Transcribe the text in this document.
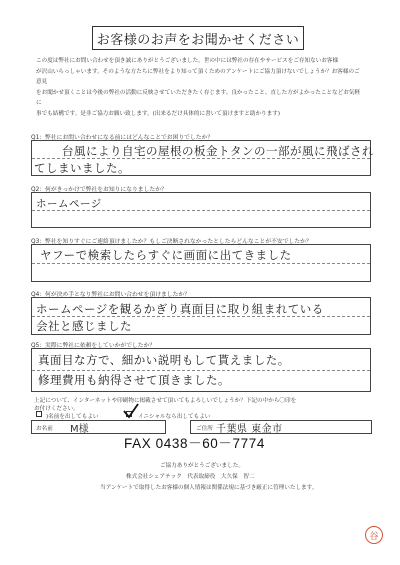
お客様のお声をお聞かせください
この度は弊社にお問い合わせを頂き誠にありがとうございました。世の中には弊社の存在やサービスをご存知ないお客様
が沢山いらっしゃいます。そのような方たちに弊社をより知って頂くためのアンケートにご協力頂けないでしょうか？お客様のご意見
をお聞かせ頂くことは今後の弊社の活動に反映させていただきたく存じます。良かったこと、直した方がよかったことなどお気軽に
事でも結構です。是非ご協力お願い致します。(出来るだけ具体的に書いて頂けますと助かります)
Q1：弊社にお問い合わせになる前にはどんなことでお困りでしたか？
台風により自宅の屋根の板金トタンの一部が風に飛ばされ
てしまいました。
Q2：何がきっかけで弊社をお知りになりましたか？
ホームページ
Q3：弊社を知りすぐにご連絡頂けましたか？もしご決断されなかったとしたらどんなことが不安でしたか？
ヤフーで検索したらすぐに画面に出てきました
Q4：何が決め手となり弊社にお問い合わせを頂けましたか？
ホームページを観るかぎり真面目に取り組まれている
会社と感じました
Q5：実際に弊社に依頼をしていかがでしたか？
真面目な方で、細かい説明もして貰えました。
修理費用も納得させて頂きました。
上記について、インターネットや印刷物に掲載させて頂いてもよろしいでしょうか？下記の中から〇印を
お付けください。
)名前を出してもよい	イニシャルなら出してもよい
お名前 M様	ご住所 千葉県 東金市
FAX 0438－60－7774
ご協力ありがとうございました。
株式会社シェアテック　代表取締役　大久保　智二
当アンケートで取得したお客様の個人情報は関係法規に基づき厳正に管理いたします。
谷
